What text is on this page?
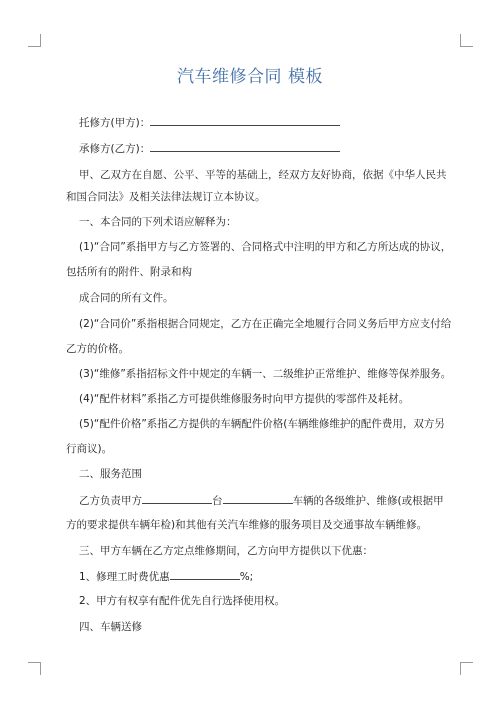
汽车维修合同 模板
托修方(甲方)：
承修方(乙方)：
甲、乙双方在自愿、公平、平等的基础上，经双方友好协商，依据《中华人民共
和国合同法》及相关法律法规订立本协议。
一、本合同的下列术语应解释为：
(1)“合同”系指甲方与乙方签署的、合同格式中注明的甲方和乙方所达成的协议，
包括所有的附件、附录和构
成合同的所有文件。
(2)“合同价”系指根据合同规定，乙方在正确完全地履行合同义务后甲方应支付给
乙方的价格。
(3)“维修”系指招标文件中规定的车辆一、二级维护正常维护、维修等保养服务。
(4)“配件材料”系指乙方可提供维修服务时向甲方提供的零部件及耗材。
(5)“配件价格”系指乙方提供的车辆配件价格(车辆维修维护的配件费用，双方另
行商议)。
二、服务范围
乙方负责甲方	台	车辆的各级维护、维修(或根据甲
方的要求提供车辆年检)和其他有关汽车维修的服务项目及交通事故车辆维修。
三、甲方车辆在乙方定点维修期间，乙方向甲方提供以下优惠：
1、修理工时费优惠	%;
2、甲方有权享有配件优先自行选择使用权。
四、车辆送修
